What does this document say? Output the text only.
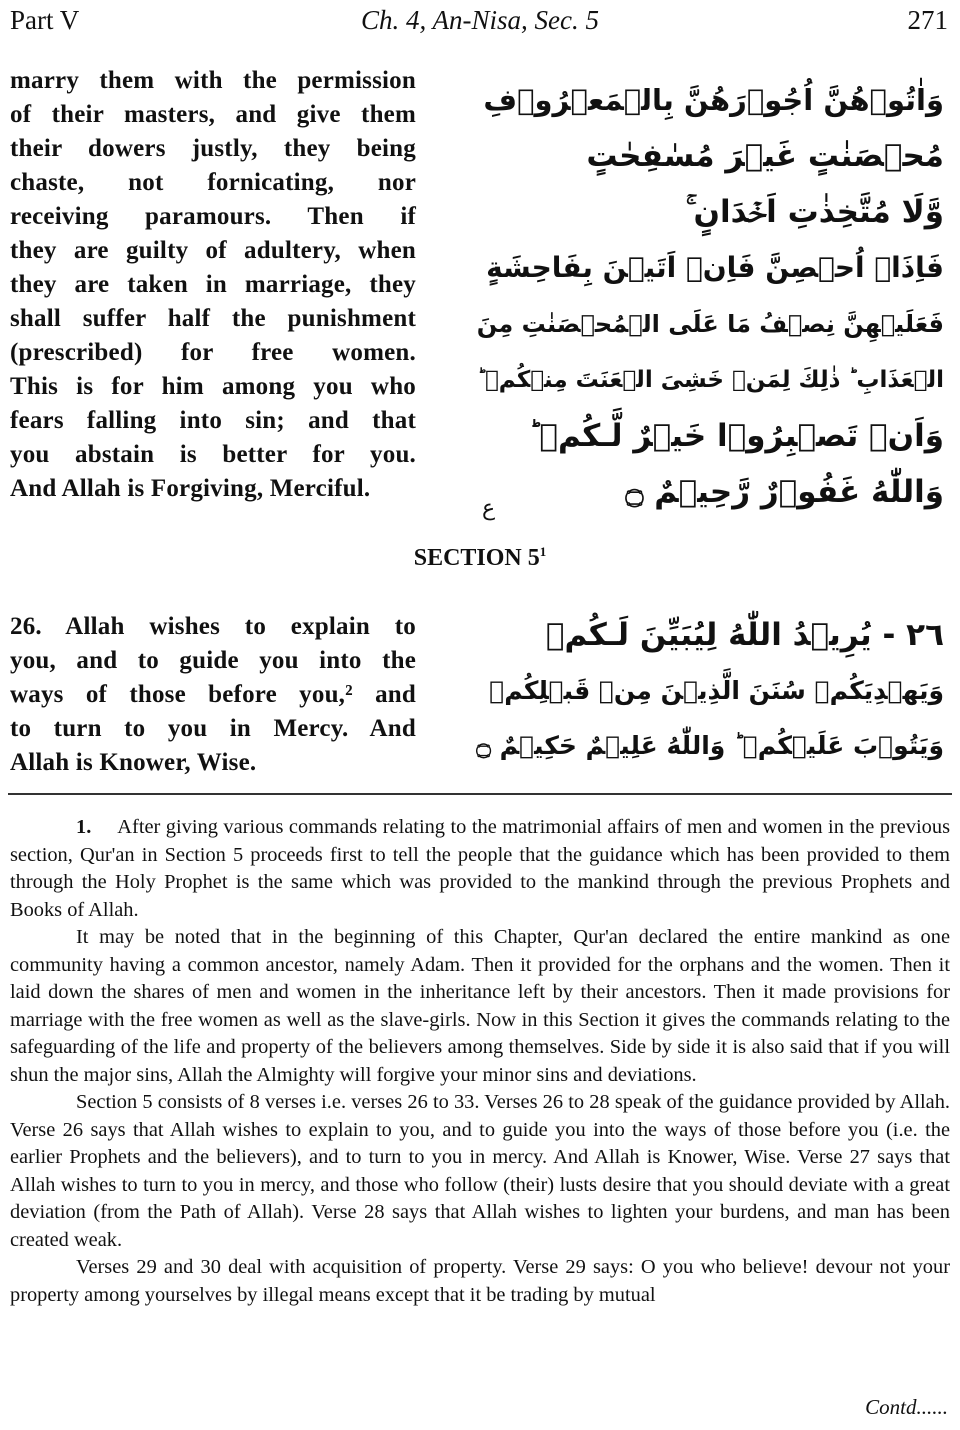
Part V	Ch. 4, An-Nisa, Sec. 5	271
marry them with the permission
of their masters, and give them
their dowers justly, they being
chaste, not fornicating, nor
receiving paramours. Then if
they are guilty of adultery, when
they are taken in marriage, they
shall suffer half the punishment
(prescribed) for free women.
This is for him among you who
fears falling into sin; and that
you abstain is better for you.
And Allah is Forgiving, Merciful.
وَاٰتُوۡهُنَّ اُجُوۡرَهُنَّ بِالۡمَعۡرُوۡفِ
مُحۡصَنٰتٍ غَيۡرَ مُسٰفِحٰتٍ
وَّلَا مُتَّخِذٰتِ اَخۡدَانٍ ۚ
فَاِذَاۤ اُحۡصِنَّ فَاِنۡ اَتَيۡنَ بِفَاحِشَةٍ
فَعَلَيۡهِنَّ نِصۡفُ مَا عَلَى الۡمُحۡصَنٰتِ مِنَ
الۡعَذَابِ ؕ ذٰلِكَ لِمَنۡ خَشِىَ الۡعَنَتَ مِنۡكُمۡ ؕ
وَاَنۡ تَصۡبِرُوۡا خَيۡرٌ لَّـكُمۡ ؕ
وَاللّٰهُ غَفُوۡرٌ رَّحِيۡمٌ ۝
ع
SECTION $5^1$
26. Allah wishes to explain to
you, and to guide you into the
ways of those before you,² and
to turn to you in Mercy. And
Allah is Knower, Wise.
٢٦ - يُرِيۡدُ اللّٰهُ لِيُبَيِّنَ لَـكُمۡ
وَيَهۡدِيَكُمۡ سُنَنَ الَّذِيۡنَ مِنۡ قَبۡلِكُمۡ
وَيَتُوۡبَ عَلَيۡكُمۡ ؕ وَاللّٰهُ عَلِيۡمٌ حَكِيۡمٌ ۝

1. After giving various commands relating to the matrimonial affairs of men and women in the previous section, Qur'an in Section 5 proceeds first to tell the people that the guidance which has been provided to them through the Holy Prophet is the same which was provided to the mankind through the previous Prophets and Books of Allah.

It may be noted that in the beginning of this Chapter, Qur'an declared the entire mankind as one community having a common ancestor, namely Adam. Then it provided for the orphans and the women. Then it laid down the shares of men and women in the inheritance left by their ancestors. Then it made provisions for marriage with the free women as well as the slave-girls. Now in this Section it gives the commands relating to the safeguarding of the life and property of the believers among themselves. Side by side it is also said that if you will shun the major sins, Allah the Almighty will forgive your minor sins and deviations.

Section 5 consists of 8 verses i.e. verses 26 to 33. Verses 26 to 28 speak of the guidance provided by Allah. Verse 26 says that Allah wishes to explain to you, and to guide you into the ways of those before you (i.e. the earlier Prophets and the believers), and to turn to you in mercy. And Allah is Knower, Wise. Verse 27 says that Allah wishes to turn to you in mercy, and those who follow (their) lusts desire that you should deviate with a great deviation (from the Path of Allah). Verse 28 says that Allah wishes to lighten your burdens, and man has been created weak.

Verses 29 and 30 deal with acquisition of property. Verse 29 says: O you who believe! devour not your property among yourselves by illegal means except that it be trading by mutual

Contd......
